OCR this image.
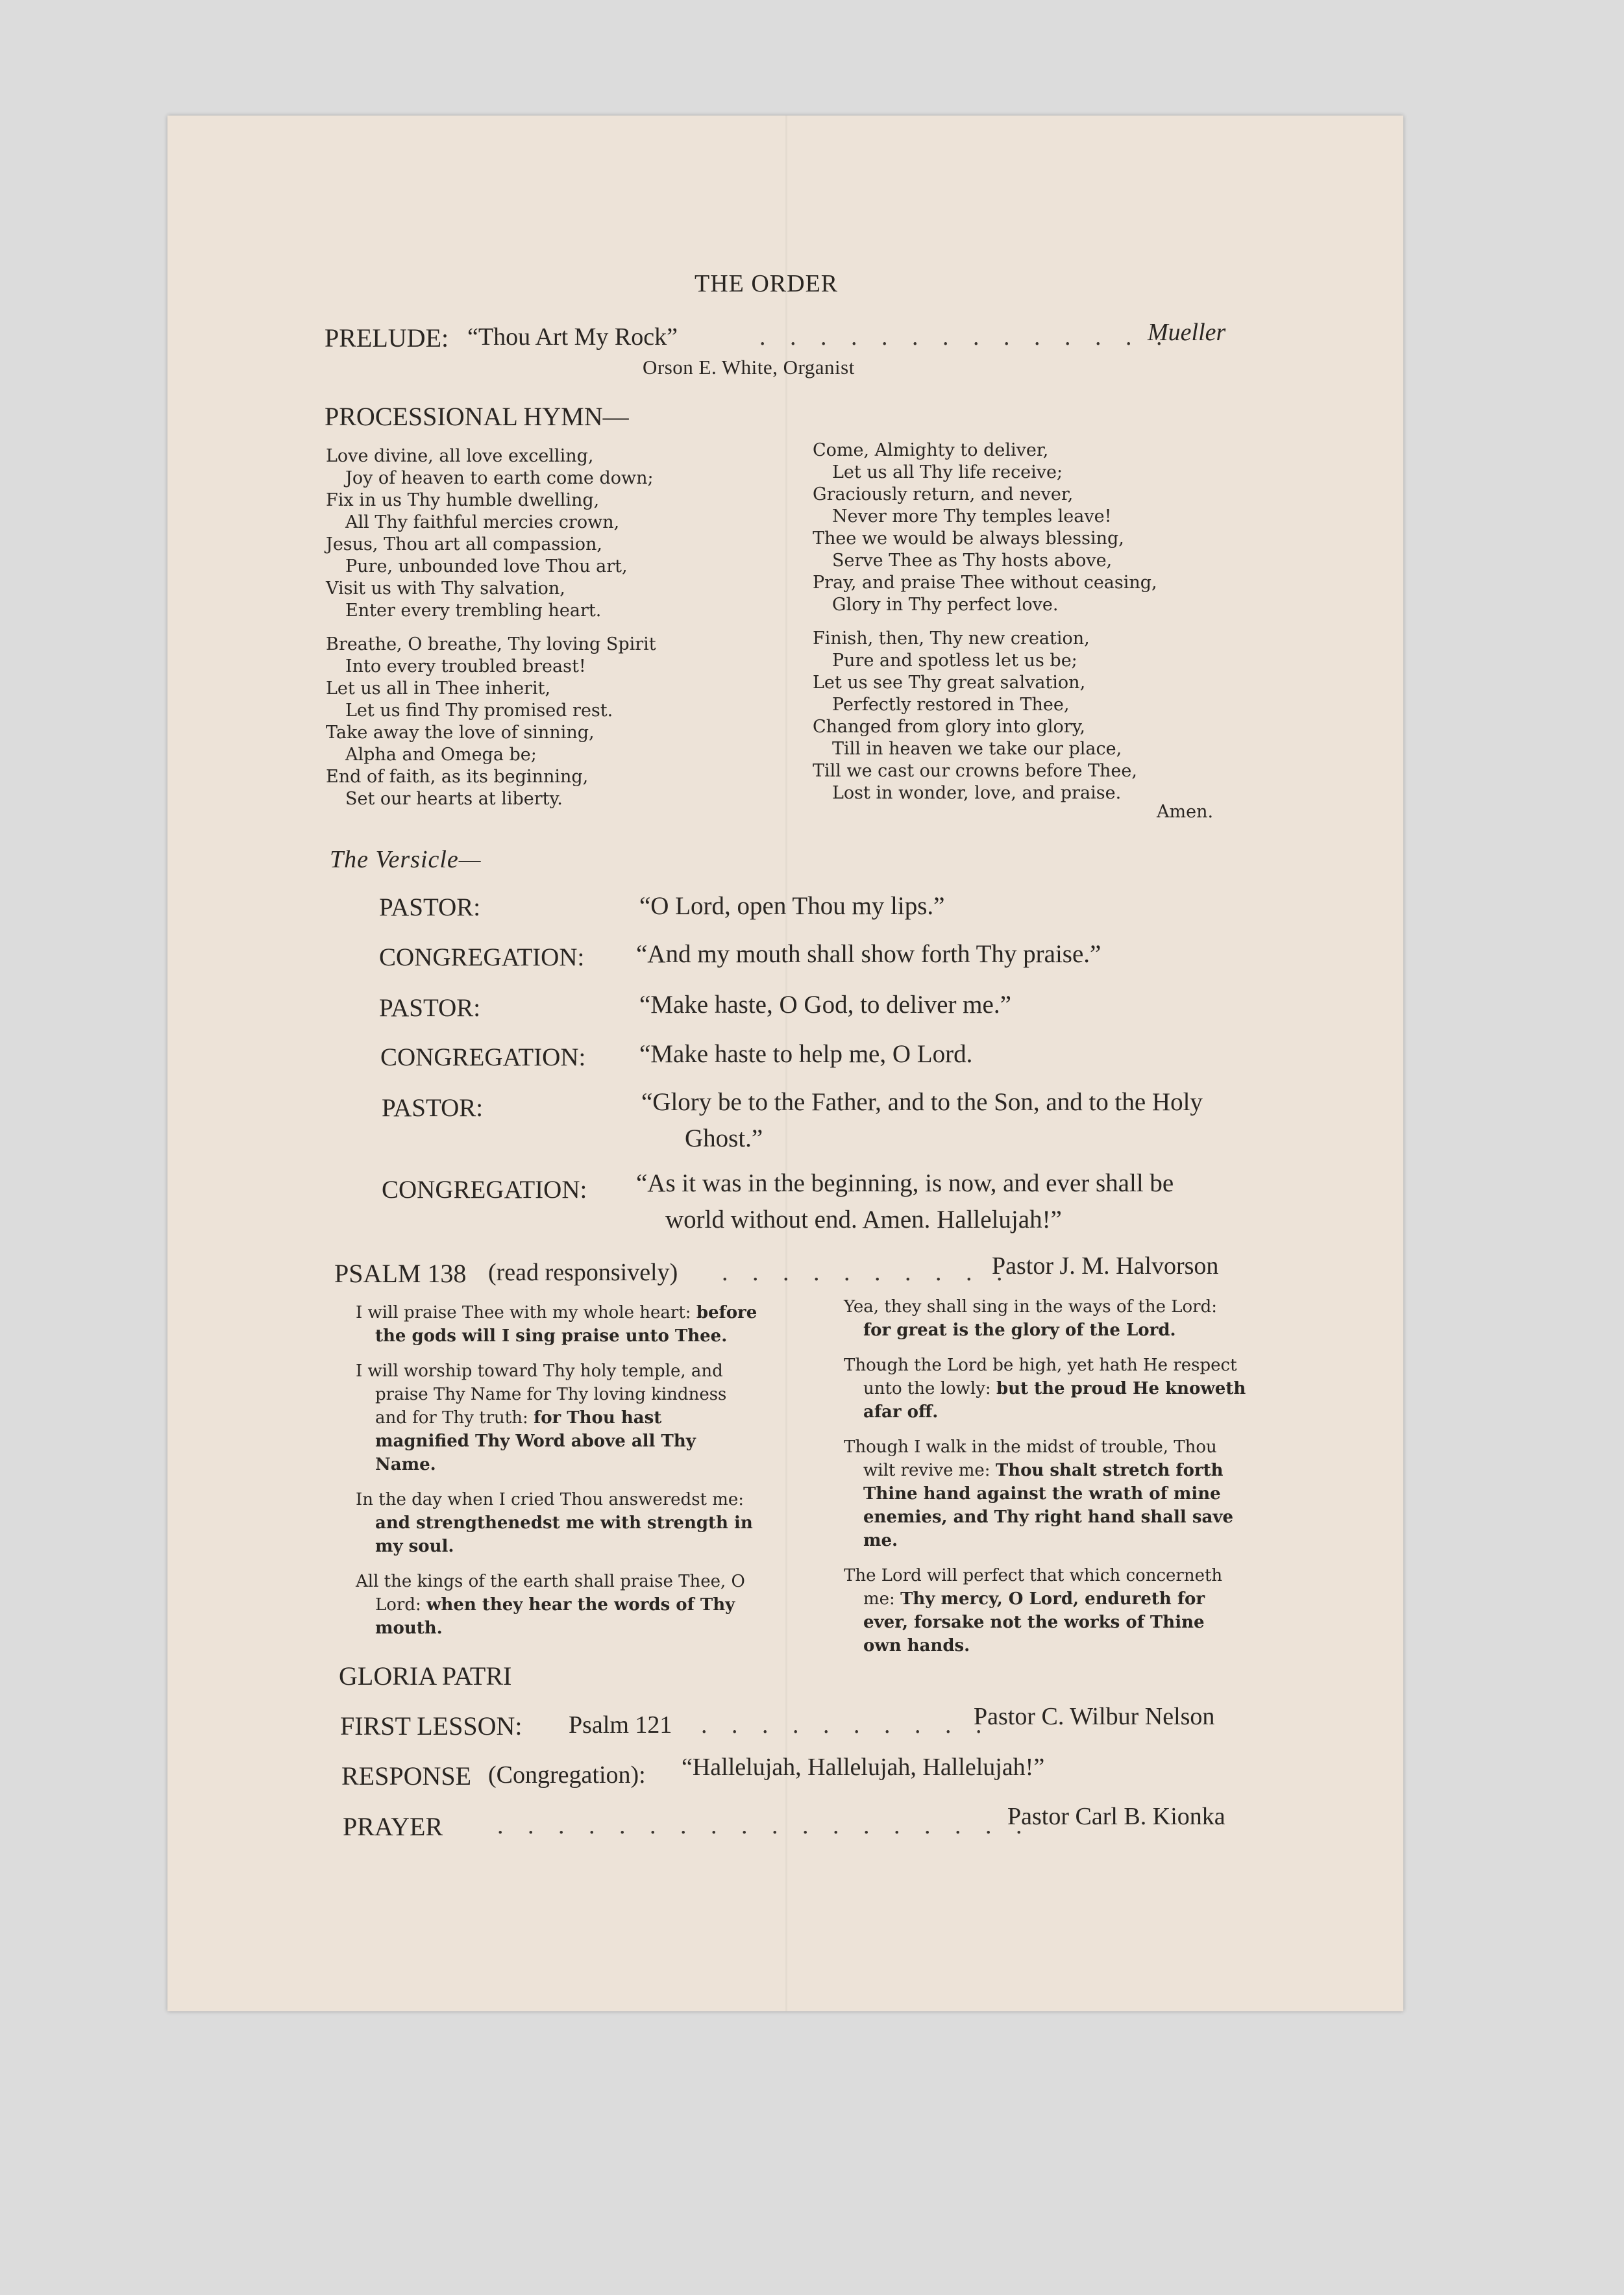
THE ORDER
PRELUDE: “Thou Art My Rock”	. . . . . . . . . . . . . .
Mueller
Orson E. White, Organist
PROCESSIONAL HYMN—
Love divine, all love excelling,
Joy of heaven to earth come down;
Fix in us Thy humble dwelling,
All Thy faithful mercies crown,
Jesus, Thou art all compassion,
Pure, unbounded love Thou art,
Visit us with Thy salvation,
Enter every trembling heart.
Breathe, O breathe, Thy loving Spirit
Into every troubled breast!
Let us all in Thee inherit,
Let us find Thy promised rest.
Take away the love of sinning,
Alpha and Omega be;
End of faith, as its beginning,
Set our hearts at liberty.
Come, Almighty to deliver,
Let us all Thy life receive;
Graciously return, and never,
Never more Thy temples leave!
Thee we would be always blessing,
Serve Thee as Thy hosts above,
Pray, and praise Thee without ceasing,
Glory in Thy perfect love.
Finish, then, Thy new creation,
Pure and spotless let us be;
Let us see Thy great salvation,
Perfectly restored in Thee,
Changed from glory into glory,
Till in heaven we take our place,
Till we cast our crowns before Thee,
Lost in wonder, love, and praise.
Amen.
The Versicle—
PASTOR:	“O Lord, open Thou my lips.”
CONGREGATION: “And my mouth shall show forth Thy praise.”
PASTOR:	“Make haste, O God, to deliver me.”
CONGREGATION: “Make haste to help me, O Lord.
PASTOR:	“Glory be to the Father, and to the Son, and to the Holy
Ghost.”
CONGREGATION: “As it was in the beginning, is now, and ever shall be
world without end. Amen. Hallelujah!”
PSALM 138 (read responsively) . . . . . . . . . .
Pastor J. M. Halvorson
I will praise Thee with my whole heart: before the gods will I sing praise unto Thee.
I will worship toward Thy holy temple, and praise Thy Name for Thy loving kindness and for Thy truth: for Thou hast magnified Thy Word above all Thy Name.
In the day when I cried Thou answeredst me: and strengthenedst me with strength in my soul.
All the kings of the earth shall praise Thee, O Lord: when they hear the words of Thy mouth.
Yea, they shall sing in the ways of the Lord: for great is the glory of the Lord.
Though the Lord be high, yet hath He respect unto the lowly: but the proud He knoweth afar off.
Though I walk in the midst of trouble, Thou wilt revive me: Thou shalt stretch forth Thine hand against the wrath of mine enemies, and Thy right hand shall save me.
The Lord will perfect that which concerneth me: Thy mercy, O Lord, endureth for ever, forsake not the works of Thine own hands.
GLORIA PATRI
FIRST LESSON: Psalm 121 . . . . . . . . . .
Pastor C. Wilbur Nelson
RESPONSE (Congregation): “Hallelujah, Hallelujah, Hallelujah!”
PRAYER . . . . . . . . . . . . . . . . . .
Pastor Carl B. Kionka
